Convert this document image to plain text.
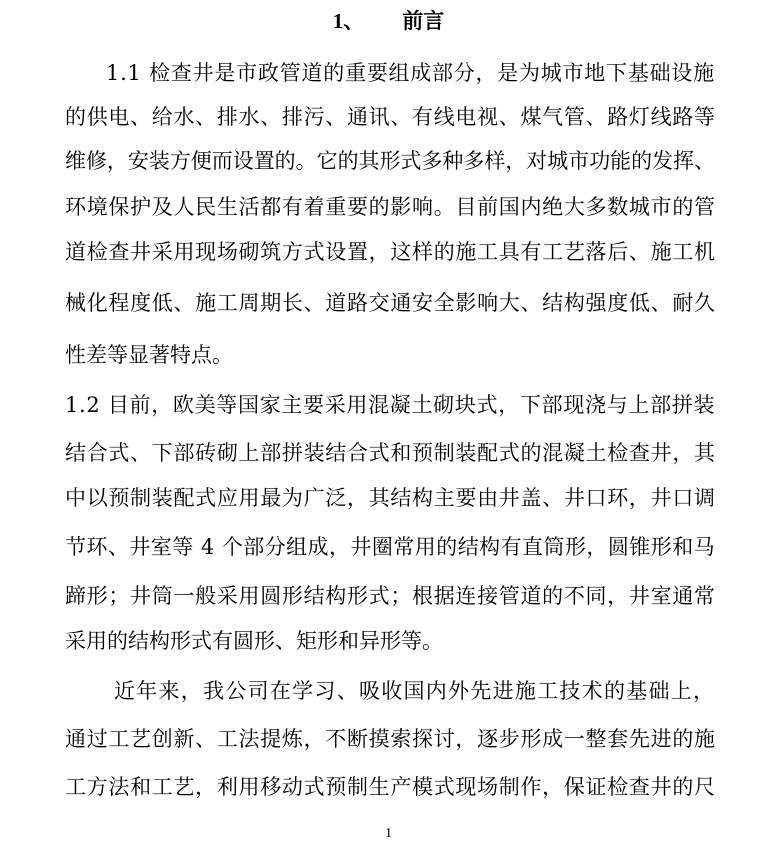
1、 前言
1.1 检查井是市政管道的重要组成部分，是为城市地下基础设施
的供电、给水、排水、排污、通讯、有线电视、煤气管、路灯线路等
维修，安装方便而设置的。它的其形式多种多样，对城市功能的发挥、
环境保护及人民生活都有着重要的影响。目前国内绝大多数城市的管
道检查井采用现场砌筑方式设置，这样的施工具有工艺落后、施工机
械化程度低、施工周期长、道路交通安全影响大、结构强度低、耐久
性差等显著特点。
1.2 目前，欧美等国家主要采用混凝土砌块式，下部现浇与上部拼装
结合式、下部砖砌上部拼装结合式和预制装配式的混凝土检查井，其
中以预制装配式应用最为广泛，其结构主要由井盖、井口环，井口调
节环、井室等 4 个部分组成，井圈常用的结构有直筒形，圆锥形和马
蹄形；井筒一般采用圆形结构形式；根据连接管道的不同，井室通常
采用的结构形式有圆形、矩形和异形等。
近年来，我公司在学习、吸收国内外先进施工技术的基础上，
通过工艺创新、工法提炼，不断摸索探讨，逐步形成一整套先进的施
工方法和工艺，利用移动式预制生产模式现场制作，保证检查井的尺
1
